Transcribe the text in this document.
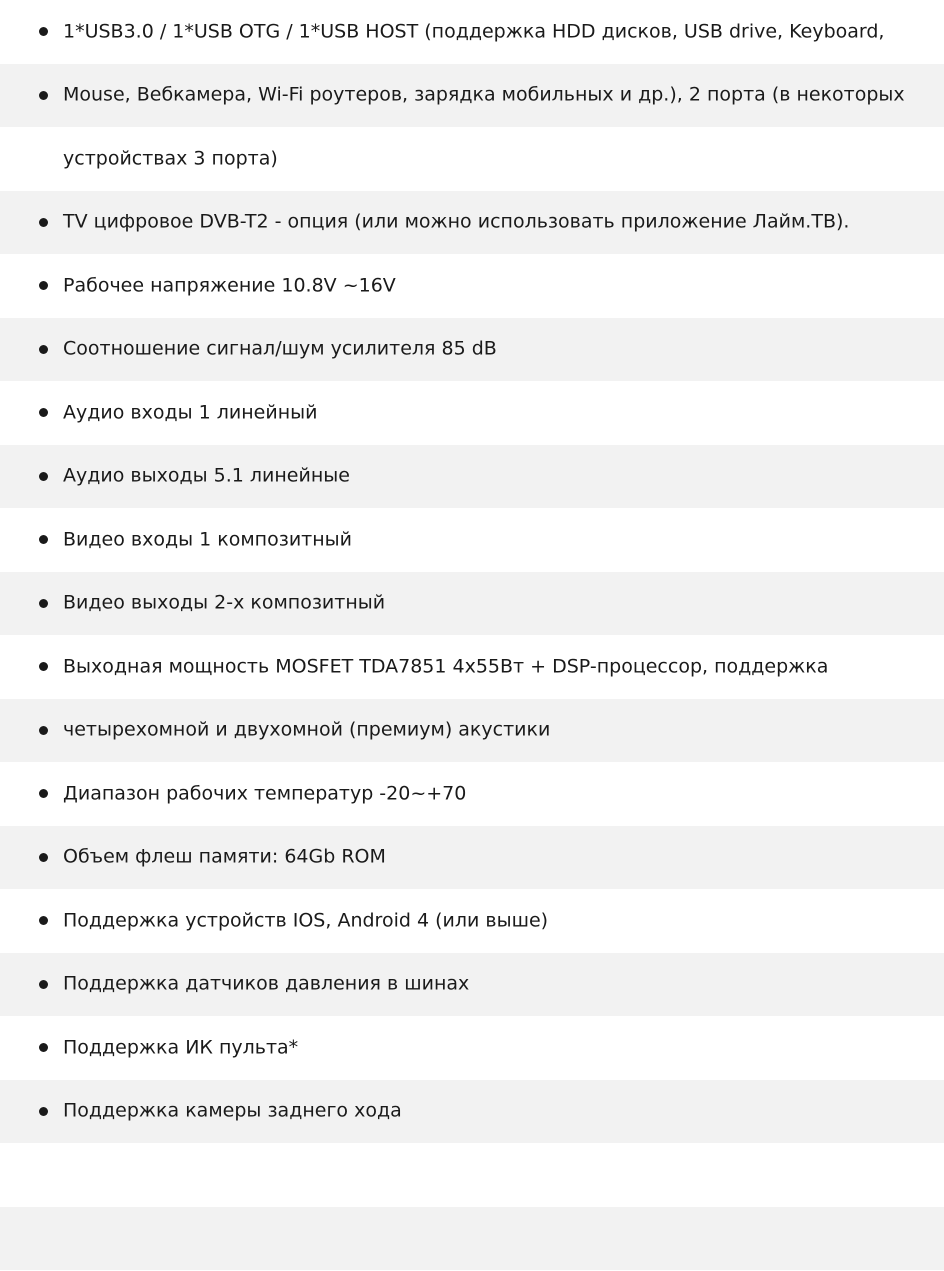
1*USB3.0 / 1*USB OTG / 1*USB HOST (поддержка HDD дисков, USB drive, Keyboard,
Mouse, Вебкамера, Wi-Fi роутеров, зарядка мобильных и др.), 2 порта (в некоторых
устройствах 3 порта)
TV цифровое DVB-T2 - опция (или можно использовать приложение Лайм.ТВ).
Рабочее напряжение 10.8V ~16V
Соотношение сигнал/шум усилителя 85 dB
Аудио входы 1 линейный
Аудио выходы 5.1 линейные
Видео входы 1 композитный
Видео выходы 2-х композитный
Выходная мощность MOSFET TDA7851 4x55Вт + DSP-процессор, поддержка
четырехомной и двухомной (премиум) акустики
Диапазон рабочих температур -20~+70
Объем флеш памяти: 64Gb ROM
Поддержка устройств IOS, Android 4 (или выше)
Поддержка датчиков давления в шинах
Поддержка ИК пульта*
Поддержка камеры заднего хода
